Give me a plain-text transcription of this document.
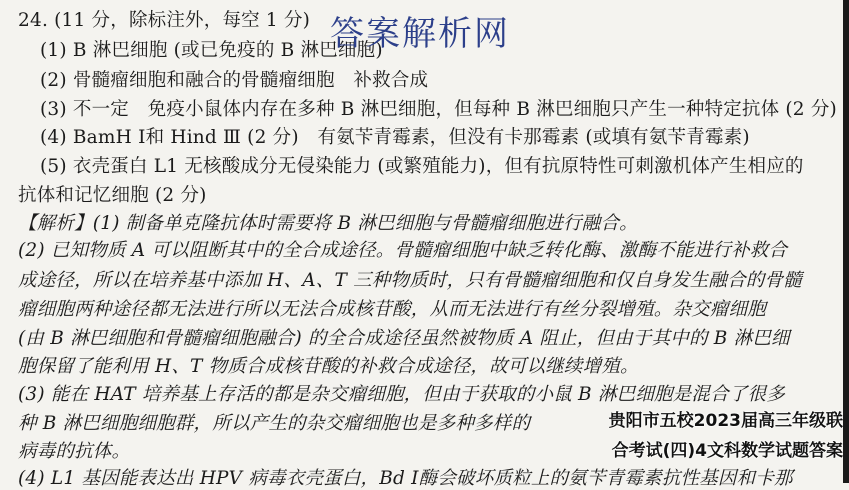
24. (11 分，除标注外，每空 1 分)
(1) B 淋巴细胞 (或已免疫的 B 淋巴细胞)
(2) 骨髓瘤细胞和融合的骨髓瘤细胞　补救合成
(3) 不一定　免疫小鼠体内存在多种 B 淋巴细胞，但每种 B 淋巴细胞只产生一种特定抗体 (2 分)
(4) BamH Ⅰ和 Hind Ⅲ (2 分)　有氨苄青霉素，但没有卡那霉素 (或填有氨苄青霉素)
(5) 衣壳蛋白 L1 无核酸成分无侵染能力 (或繁殖能力)，但有抗原特性可刺激机体产生相应的
抗体和记忆细胞 (2 分)
【解析】(1) 制备单克隆抗体时需要将 B 淋巴细胞与骨髓瘤细胞进行融合。
(2) 已知物质 A 可以阻断其中的全合成途径。骨髓瘤细胞中缺乏转化酶、激酶不能进行补救合
成途径，所以在培养基中添加 H、A、T 三种物质时，只有骨髓瘤细胞和仅自身发生融合的骨髓
瘤细胞两种途径都无法进行所以无法合成核苷酸，从而无法进行有丝分裂增殖。杂交瘤细胞
(由 B 淋巴细胞和骨髓瘤细胞融合) 的全合成途径虽然被物质 A 阻止，但由于其中的 B 淋巴细
胞保留了能利用 H、T 物质合成核苷酸的补救合成途径，故可以继续增殖。
(3) 能在 HAT 培养基上存活的都是杂交瘤细胞，但由于获取的小鼠 B 淋巴细胞是混合了很多
种 B 淋巴细胞细胞群，所以产生的杂交瘤细胞也是多种多样的
病毒的抗体。
(4) L1 基因能表达出 HPV 病毒衣壳蛋白，Bd Ⅰ酶会破坏质粒上的氨苄青霉素抗性基因和卡那
答案解析网
贵阳市五校2023届高三年级联
合考试(四)4文科数学试题答案
